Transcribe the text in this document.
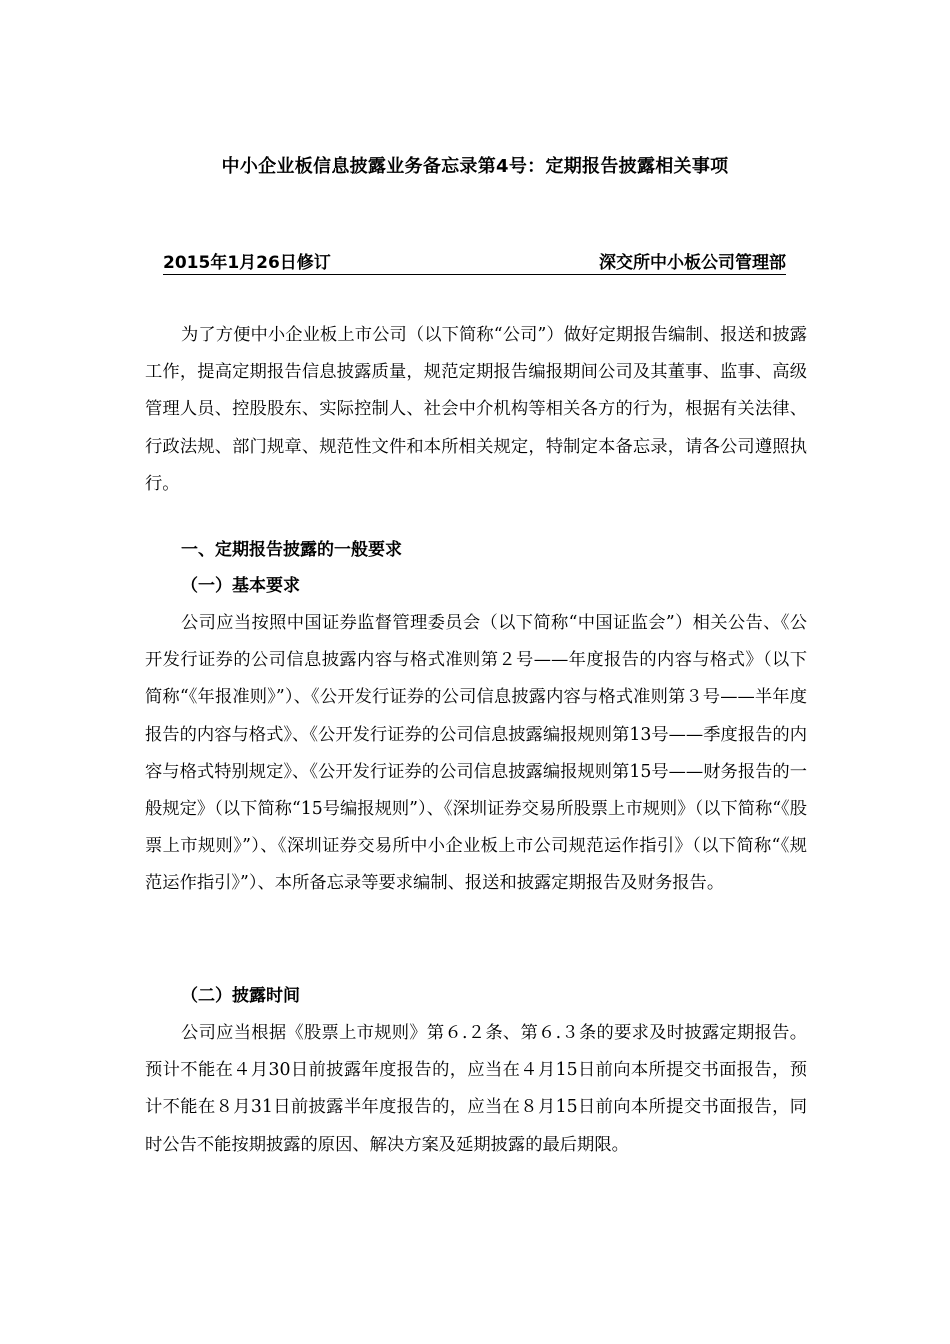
中小企业板信息披露业务备忘录第4号：定期报告披露相关事项
2015年1月26日修订	深交所中小板公司管理部

为了方便中小企业板上市公司（以下简称“公司”）做好定期报告编制、报送和披露工作，提高定期报告信息披露质量，规范定期报告编报期间公司及其董事、监事、高级管理人员、控股股东、实际控制人、社会中介机构等相关各方的行为，根据有关法律、行政法规、部门规章、规范性文件和本所相关规定，特制定本备忘录，请各公司遵照执行。

一、定期报告披露的一般要求
（一）基本要求

公司应当按照中国证券监督管理委员会（以下简称“中国证监会”）相关公告、《公开发行证券的公司信息披露内容与格式准则第２号——年度报告的内容与格式》（以下简称“《年报准则》”）、《公开发行证券的公司信息披露内容与格式准则第３号——半年度报告的内容与格式》、《公开发行证券的公司信息披露编报规则第13号——季度报告的内容与格式特别规定》、《公开发行证券的公司信息披露编报规则第15号——财务报告的一般规定》（以下简称“15号编报规则”）、《深圳证券交易所股票上市规则》（以下简称“《股票上市规则》”）、《深圳证券交易所中小企业板上市公司规范运作指引》（以下简称“《规范运作指引》”）、本所备忘录等要求编制、报送和披露定期报告及财务报告。

（二）披露时间

公司应当根据《股票上市规则》第６.２条、第６.３条的要求及时披露定期报告。预计不能在４月30日前披露年度报告的，应当在４月15日前向本所提交书面报告，预计不能在８月31日前披露半年度报告的，应当在８月15日前向本所提交书面报告，同时公告不能按期披露的原因、解决方案及延期披露的最后期限。
